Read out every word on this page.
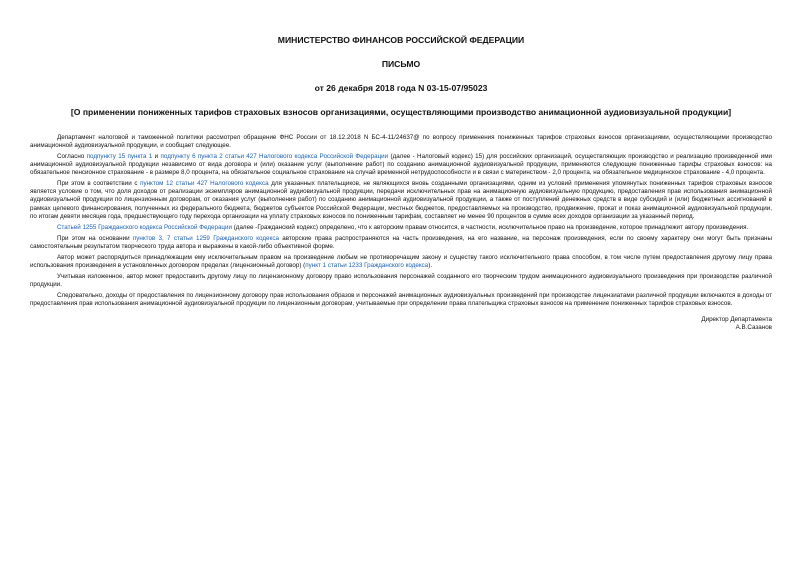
МИНИСТЕРСТВО ФИНАНСОВ РОССИЙСКОЙ ФЕДЕРАЦИИ
ПИСЬМО
от 26 декабря 2018 года N 03-15-07/95023
[О применении пониженных тарифов страховых взносов организациями, осуществляющими производство анимационной аудиовизуальной продукции]

Департамент налоговой и таможенной политики рассмотрел обращение ФНС России от 18.12.2018 N БС-4-11/24637@ по вопросу применения пониженных тарифов страховых взносов организациями, осуществляющими производство анимационной аудиовизуальной продукции, и сообщает следующее.

Согласно подпункту 15 пункта 1 и подпункту 6 пункта 2 статьи 427 Налогового кодекса Российской Федерации (далее - Налоговый кодекс) 15) для российских организаций, осуществляющих производство и реализацию произведенной ими анимационной аудиовизуальной продукции независимо от вида договора и (или) оказание услуг (выполнение работ) по созданию анимационной аудиовизуальной продукции, применяются следующие пониженные тарифы страховых взносов: на обязательное пенсионное страхование - в размере 8,0 процента, на обязательное социальное страхование на случай временной нетрудоспособности и в связи с материнством - 2,0 процента, на обязательное медицинское страхование - 4,0 процента.

При этом в соответствии с пунктом 12 статьи 427 Налогового кодекса для указанных плательщиков, не являющихся вновь созданными организациями, одним из условий применения упомянутых пониженных тарифов страховых взносов является условие о том, что доля доходов от реализации экземпляров анимационной аудиовизуальной продукции, передачи исключительных прав на анимационную аудиовизуальную продукцию, предоставления прав использования анимационной аудиовизуальной продукции по лицензионным договорам, от оказания услуг (выполнения работ) по созданию анимационной аудиовизуальной продукции, а также от поступлений денежных средств в виде субсидий и (или) бюджетных ассигнований в рамках целевого финансирования, полученных из федерального бюджета, бюджетов субъектов Российской Федерации, местных бюджетов, предоставляемых на производство, продвижение, прокат и показ анимационной аудиовизуальной продукции, по итогам девяти месяцев года, предшествующего году перехода организации на уплату страховых взносов по пониженным тарифам, составляет не менее 90 процентов в сумме всех доходов организации за указанный период.

Статьей 1255 Гражданского кодекса Российской Федерации (далее -Гражданский кодекс) определено, что к авторским правам относится, в частности, исключительное право на произведение, которое принадлежит автору произведения.

При этом на основании пунктов 3, 7 статьи 1259 Гражданского кодекса авторские права распространяются на часть произведения, на его название, на персонаж произведения, если по своему характеру они могут быть признаны самостоятельным результатом творческого труда автора и выражены в какой-либо объективной форме.

Автор может распорядиться принадлежащим ему исключительным правом на произведение любым не противоречащим закону и существу такого исключительного права способом, в том числе путем предоставления другому лицу права использования произведения в установленных договором пределах (лицензионный договор) (пункт 1 статьи 1233 Гражданского кодекса).

Учитывая изложенное, автор может предоставить другому лицу по лицензионному договору право использования персонажей созданного его творческим трудом анимационного аудиовизуального произведения при производстве различной продукции.

Следовательно, доходы от предоставления по лицензионному договору прав использования образов и персонажей анимационных аудиовизуальных произведений при производстве лицензиатами различной продукции включаются в доходы от предоставления прав использования анимационной аудиовизуальной продукции по лицензионным договорам, учитываемые при определении права плательщика страховых взносов на применение пониженных тарифов страховых взносов.

Директор Департамента
А.В.Сазанов
